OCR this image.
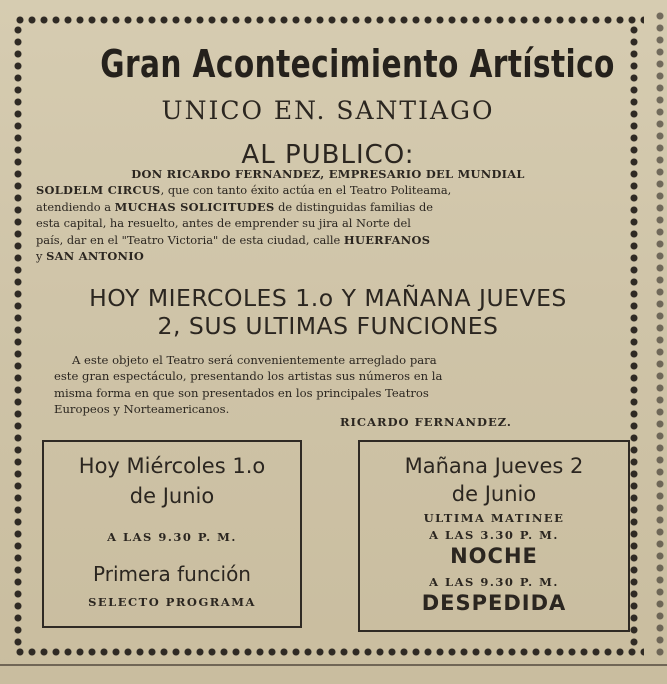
Gran Acontecimiento Artístico
UNICO EN. SANTIAGO
AL PUBLICO:
DON RICARDO FERNANDEZ, EMPRESARIO DEL MUNDIAL
SOLDELM CIRCUS, que con tanto éxito actúa en el Teatro Politeama,
atendiendo a MUCHAS SOLICITUDES de distinguidas familias de
esta capital, ha resuelto, antes de emprender su jira al Norte del
país, dar en el "Teatro Victoria" de esta ciudad, calle HUERFANOS
y SAN ANTONIO
HOY MIERCOLES 1.o Y MAÑANA JUEVES
2, SUS ULTIMAS FUNCIONES
A este objeto el Teatro será convenientemente arreglado para
este gran espectáculo, presentando los artistas sus números en la
misma forma en que son presentados en los principales Teatros
Europeos y Norteamericanos.
RICARDO FERNANDEZ.
Hoy Miércoles 1.o
de Junio
A LAS 9.30 P. M.
Primera función
SELECTO PROGRAMA
Mañana Jueves 2
de Junio
ULTIMA MATINEE
A LAS 3.30 P. M.
NOCHE
A LAS 9.30 P. M.
DESPEDIDA
